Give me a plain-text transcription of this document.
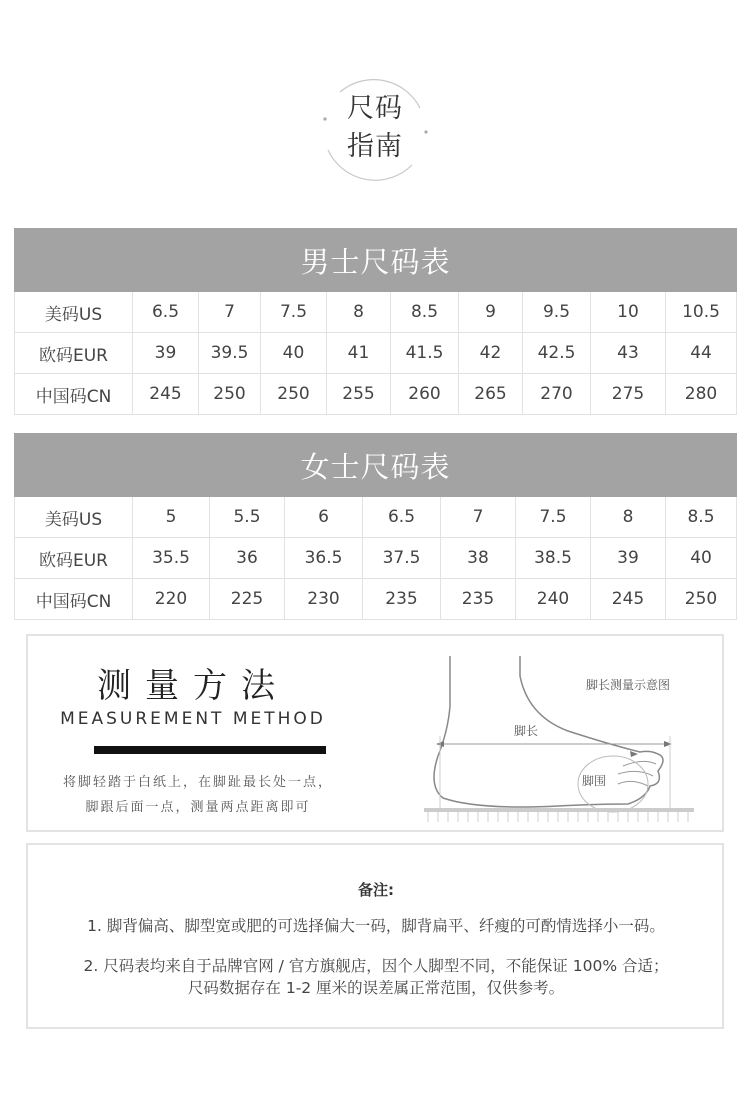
尺码
指南
男士尺码表									
美码US	6.5	7	7.5	8	8.5	9	9.5	10	10.5
欧码EUR	39	39.5	40	41	41.5	42	42.5	43	44
中国码CN	245	250	250	255	260	265	270	275	280
女士尺码表								
美码US	5	5.5	6	6.5	7	7.5	8	8.5
欧码EUR	35.5	36	36.5	37.5	38	38.5	39	40
中国码CN	220	225	230	235	235	240	245	250
测量方法
MEASUREMENT METHOD
将脚轻踏于白纸上，在脚趾最长处一点，
脚跟后面一点，测量两点距离即可
脚长测量示意图
脚长
脚围
备注:
1. 脚背偏高、脚型宽或肥的可选择偏大一码，脚背扁平、纤瘦的可酌情选择小一码。
2. 尺码表均来自于品牌官网 / 官方旗舰店，因个人脚型不同，不能保证 100% 合适；
尺码数据存在 1-2 厘米的误差属正常范围，仅供参考。
